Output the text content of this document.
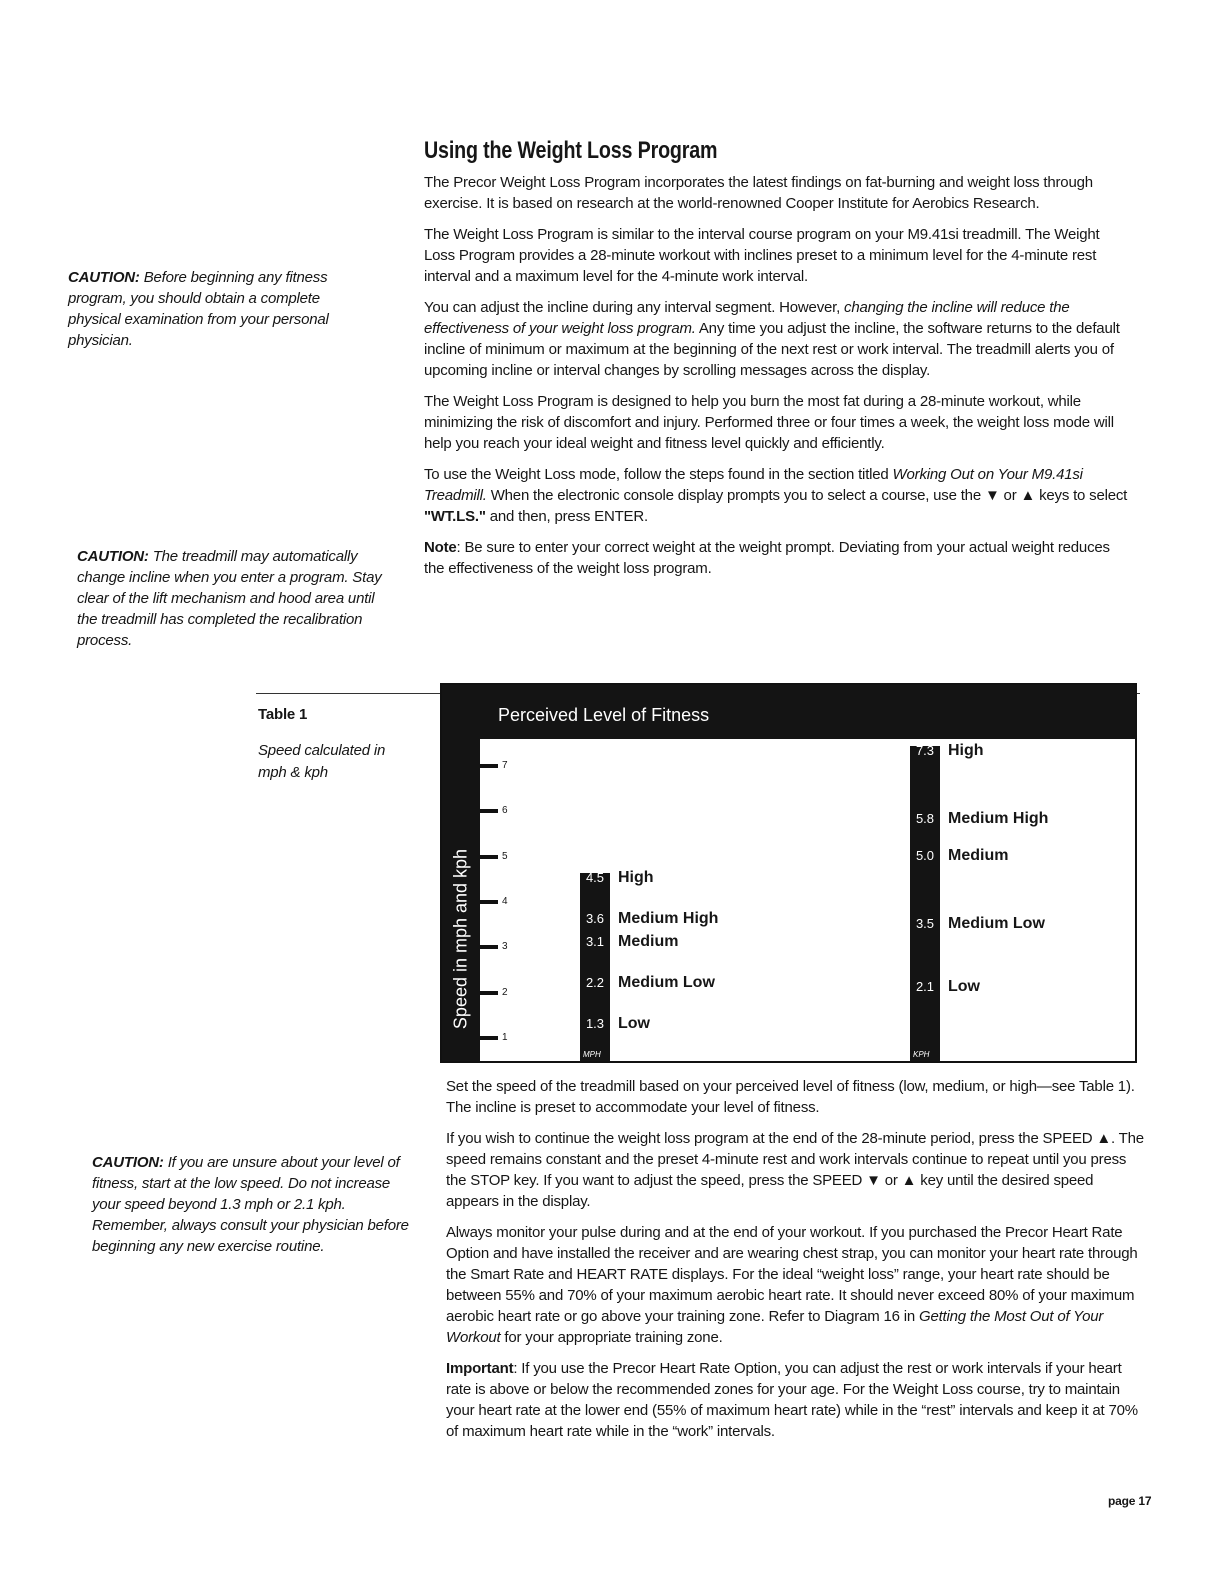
Using the Weight Loss Program
CAUTION: Before beginning any fitness program, you should obtain a complete physical examination from your personal physician.
CAUTION: The treadmill may automatically change incline when you enter a program. Stay clear of the lift mechanism and hood area until the treadmill has completed the recalibration process.
CAUTION: If you are unsure about your level of fitness, start at the low speed. Do not increase your speed beyond 1.3 mph or 2.1 kph. Remember, always consult your physician before beginning any new exercise routine.

The Precor Weight Loss Program incorporates the latest findings on fat-burning and weight loss through exercise. It is based on research at the world-renowned Cooper Institute for Aerobics Research.

The Weight Loss Program is similar to the interval course program on your M9.41si treadmill. The Weight Loss Program provides a 28-minute workout with inclines preset to a minimum level for the 4-minute rest interval and a maximum level for the 4-minute work interval.

You can adjust the incline during any interval segment. However, changing the incline will reduce the effectiveness of your weight loss program. Any time you adjust the incline, the software returns to the default incline of minimum or maximum at the beginning of the next rest or work interval. The treadmill alerts you of upcoming incline or interval changes by scrolling messages across the display.

The Weight Loss Program is designed to help you burn the most fat during a 28-minute workout, while minimizing the risk of discomfort and injury. Performed three or four times a week, the weight loss mode will help you reach your ideal weight and fitness level quickly and efficiently.

To use the Weight Loss mode, follow the steps found in the section titled Working Out on Your M9.41si Treadmill. When the electronic console display prompts you to select a course, use the ▼ or ▲ keys to select "WT.LS." and then, press ENTER.

Note: Be sure to enter your correct weight at the weight prompt. Deviating from your actual weight reduces the effectiveness of the weight loss program.

Table 1
Speed calculated in mph & kph
Perceived Level of Fitness
Speed in mph and kph
1
2
3
4
5
6
7
1.3 Low
2.2 Medium Low
3.1 Medium
3.6 Medium High
4.5 High
MPH
2.1 Low
3.5 Medium Low
5.0 Medium
5.8 Medium High
7.3 High
KPH

Set the speed of the treadmill based on your perceived level of fitness (low, medium, or high—see Table 1). The incline is preset to accommodate your level of fitness.

If you wish to continue the weight loss program at the end of the 28-minute period, press the SPEED ▲. The speed remains constant and the preset 4-minute rest and work intervals continue to repeat until you press the STOP key. If you want to adjust the speed, press the SPEED ▼ or ▲ key until the desired speed appears in the display.

Always monitor your pulse during and at the end of your workout. If you purchased the Precor Heart Rate Option and have installed the receiver and are wearing chest strap, you can monitor your heart rate through the Smart Rate and HEART RATE displays. For the ideal “weight loss” range, your heart rate should be between 55% and 70% of your maximum aerobic heart rate. It should never exceed 80% of your maximum aerobic heart rate or go above your training zone. Refer to Diagram 16 in Getting the Most Out of Your Workout for your appropriate training zone.

Important: If you use the Precor Heart Rate Option, you can adjust the rest or work intervals if your heart rate is above or below the recommended zones for your age. For the Weight Loss course, try to maintain your heart rate at the lower end (55% of maximum heart rate) while in the “rest” intervals and keep it at 70% of maximum heart rate while in the “work” intervals.

page 17
